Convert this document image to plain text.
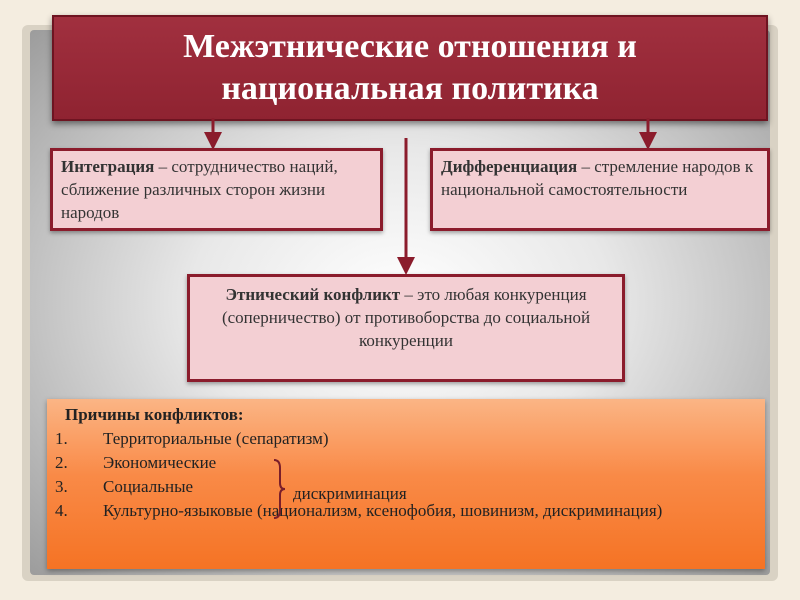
Межэтнические отношения и
национальная политика
Интеграция – сотрудничество наций, сближение различных сторон жизни народов
Дифференциация – стремление народов к национальной самостоятельности
Этнический конфликт – это любая конкуренция (соперничество) от противоборства до социальной конкуренции
Причины конфликтов:
1.	Территориальные (сепаратизм)
2.	Экономические
3.	Социальные
4.	Культурно-языковые (национализм, ксенофобия, шовинизм, дискриминация)
дискриминация
